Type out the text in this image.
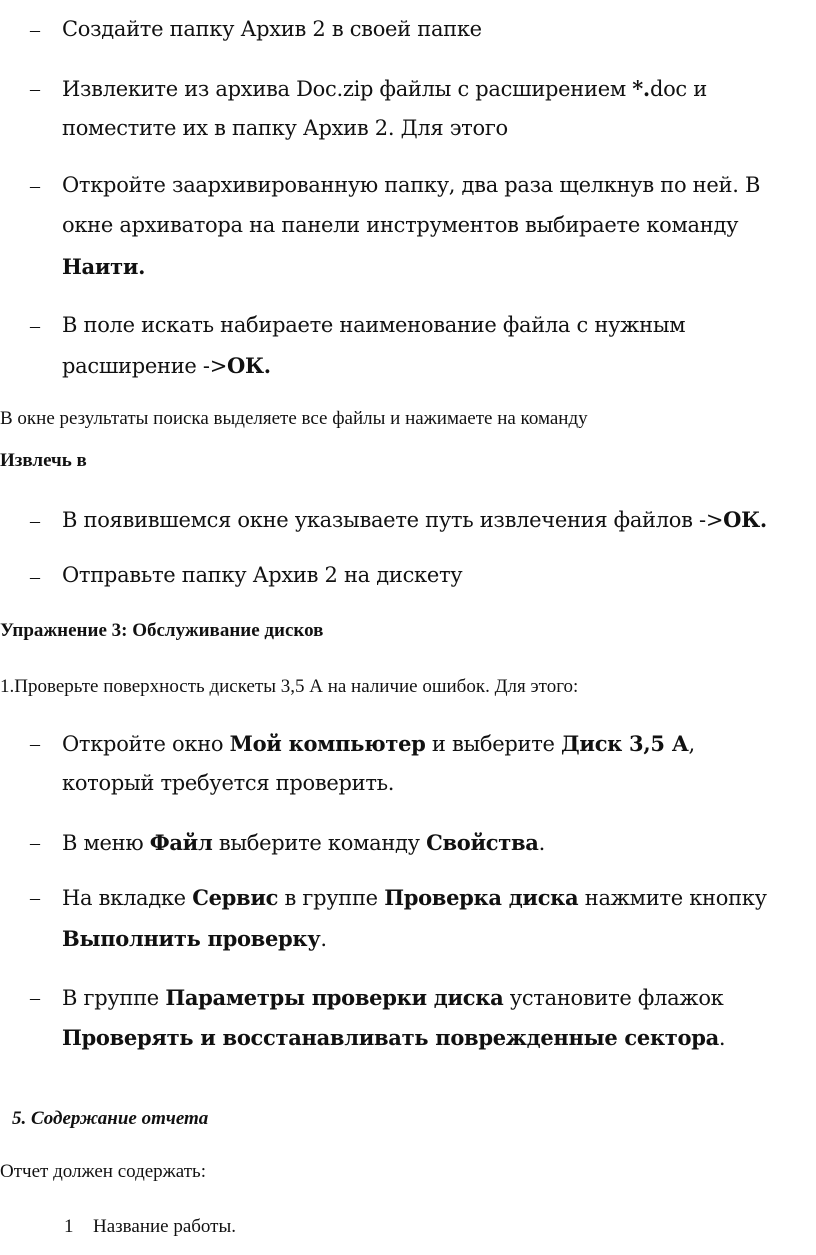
– Создайте папку Архив 2 в своей папке
– Извлеките из архива Doc.zip файлы с расширением *.doc и
поместите их в папку Архив 2. Для этого
– Откройте заархивированную папку, два раза щелкнув по ней. В
окне архиватора на панели инструментов выбираете команду
Наити.
– В поле искать набираете наименование файла с нужным
расширение ->ОК.
В окне результаты поиска выделяете все файлы и нажимаете на команду
Извлечь в
– В появившемся окне указываете путь извлечения файлов ->ОК.
– Отправьте папку Архив 2 на дискету
Упражнение 3: Обслуживание дисков
1.Проверьте поверхность дискеты 3,5 А на наличие ошибок. Для этого:
– Откройте окно Мой компьютер и выберите Диск 3,5 А,
который требуется проверить.
– В меню Файл выберите команду Свойства.
– На вкладке Сервис в группе Проверка диска нажмите кнопку
Выполнить проверку.
– В группе Параметры проверки диска установите флажок
Проверять и восстанавливать поврежденные сектора.
5. Содержание отчета
Отчет должен содержать:
1 Название работы.
